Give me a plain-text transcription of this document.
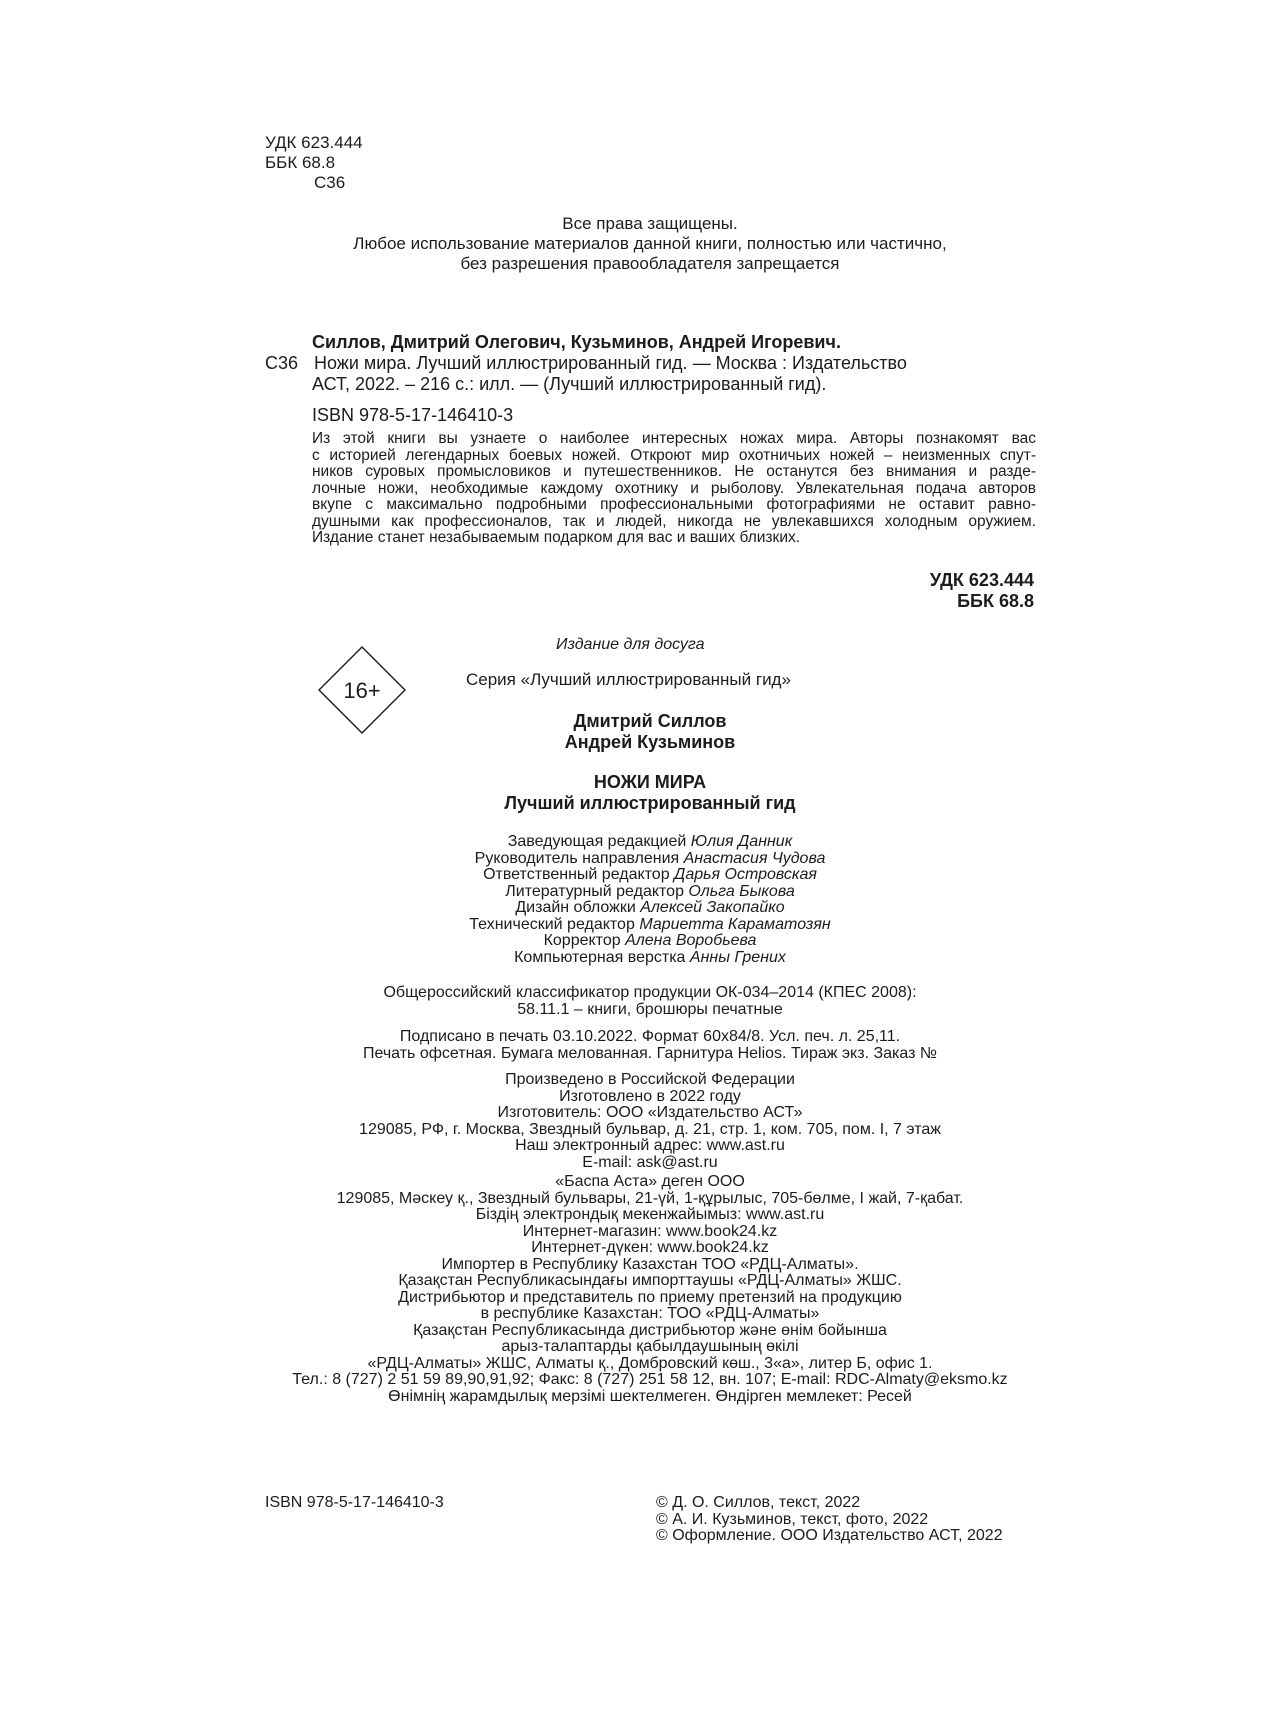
УДК 623.444
ББК 68.8
С36
Все права защищены.
Любое использование материалов данной книги, полностью или частично,
без разрешения правообладателя запрещается
Силлов, Дмитрий Олегович, Кузьминов, Андрей Игоревич.
С36 Ножи мира. Лучший иллюстрированный гид. — Москва : Издательство
АСТ, 2022. – 216 с.: илл. — (Лучший иллюстрированный гид).
ISBN 978-5-17-146410-3
Из этой книги вы узнаете о наиболее интересных ножах мира. Авторы познакомят вас
с историей легендарных боевых ножей. Откроют мир охотничьих ножей – неизменных спут-
ников суровых промысловиков и путешественников. Не останутся без внимания и разде-
лочные ножи, необходимые каждому охотнику и рыболову. Увлекательная подача авторов
вкупе с максимально подробными профессиональными фотографиями не оставит равно-
душными как профессионалов, так и людей, никогда не увлекавшихся холодным оружием.
Издание станет незабываемым подарком для вас и ваших близких.
УДК 623.444
ББК 68.8
Издание для досуга
16+	Серия «Лучший иллюстрированный гид»
Дмитрий Силлов
Андрей Кузьминов
НОЖИ МИРА
Лучший иллюстрированный гид
Заведующая редакцией Юлия Данник
Руководитель направления Анастасия Чудова
Ответственный редактор Дарья Островская
Литературный редактор Ольга Быкова
Дизайн обложки Алексей Закопайко
Технический редактор Мариетта Караматозян
Корректор Алена Воробьева
Компьютерная верстка Анны Грених
Общероссийский классификатор продукции ОК-034–2014 (КПЕС 2008):
58.11.1 – книги, брошюры печатные
Подписано в печать 03.10.2022. Формат 60x84/8. Усл. печ. л. 25,11.
Печать офсетная. Бумага мелованная. Гарнитура Helios. Тираж экз. Заказ №
Произведено в Российской Федерации
Изготовлено в 2022 году
Изготовитель: ООО «Издательство АСТ»
129085, РФ, г. Москва, Звездный бульвар, д. 21, стр. 1, ком. 705, пом. I, 7 этаж
Наш электронный адрес: www.ast.ru
E-mail: ask@ast.ru
«Баспа Аста» деген ООО
129085, Мәскеу қ., Звездный бульвары, 21-үй, 1-құрылыс, 705-бөлме, I жай, 7-қабат.
Біздің электрондық мекенжайымыз: www.ast.ru
Интернет-магазин: www.book24.kz
Интернет-дүкен: www.book24.kz
Импортер в Республику Казахстан ТОО «РДЦ-Алматы».
Қазақстан Республикасындағы импорттаушы «РДЦ-Алматы» ЖШС.
Дистрибьютор и представитель по приему претензий на продукцию
в республике Казахстан: ТОО «РДЦ-Алматы»
Қазақстан Республикасында дистрибьютор және өнім бойынша
арыз-талаптарды қабылдаушының өкілі
«РДЦ-Алматы» ЖШС, Алматы қ., Домбровский көш., 3«а», литер Б, офис 1.
Тел.: 8 (727) 2 51 59 89,90,91,92; Факс: 8 (727) 251 58 12, вн. 107; E-mail: RDC-Almaty@eksmo.kz
Өнімнің жарамдылық мерзімі шектелмеген. Өндірген мемлекет: Ресей
ISBN 978-5-17-146410-3	© Д. О. Силлов, текст, 2022
© А. И. Кузьминов, текст, фото, 2022
© Оформление. ООО Издательство АСТ, 2022
